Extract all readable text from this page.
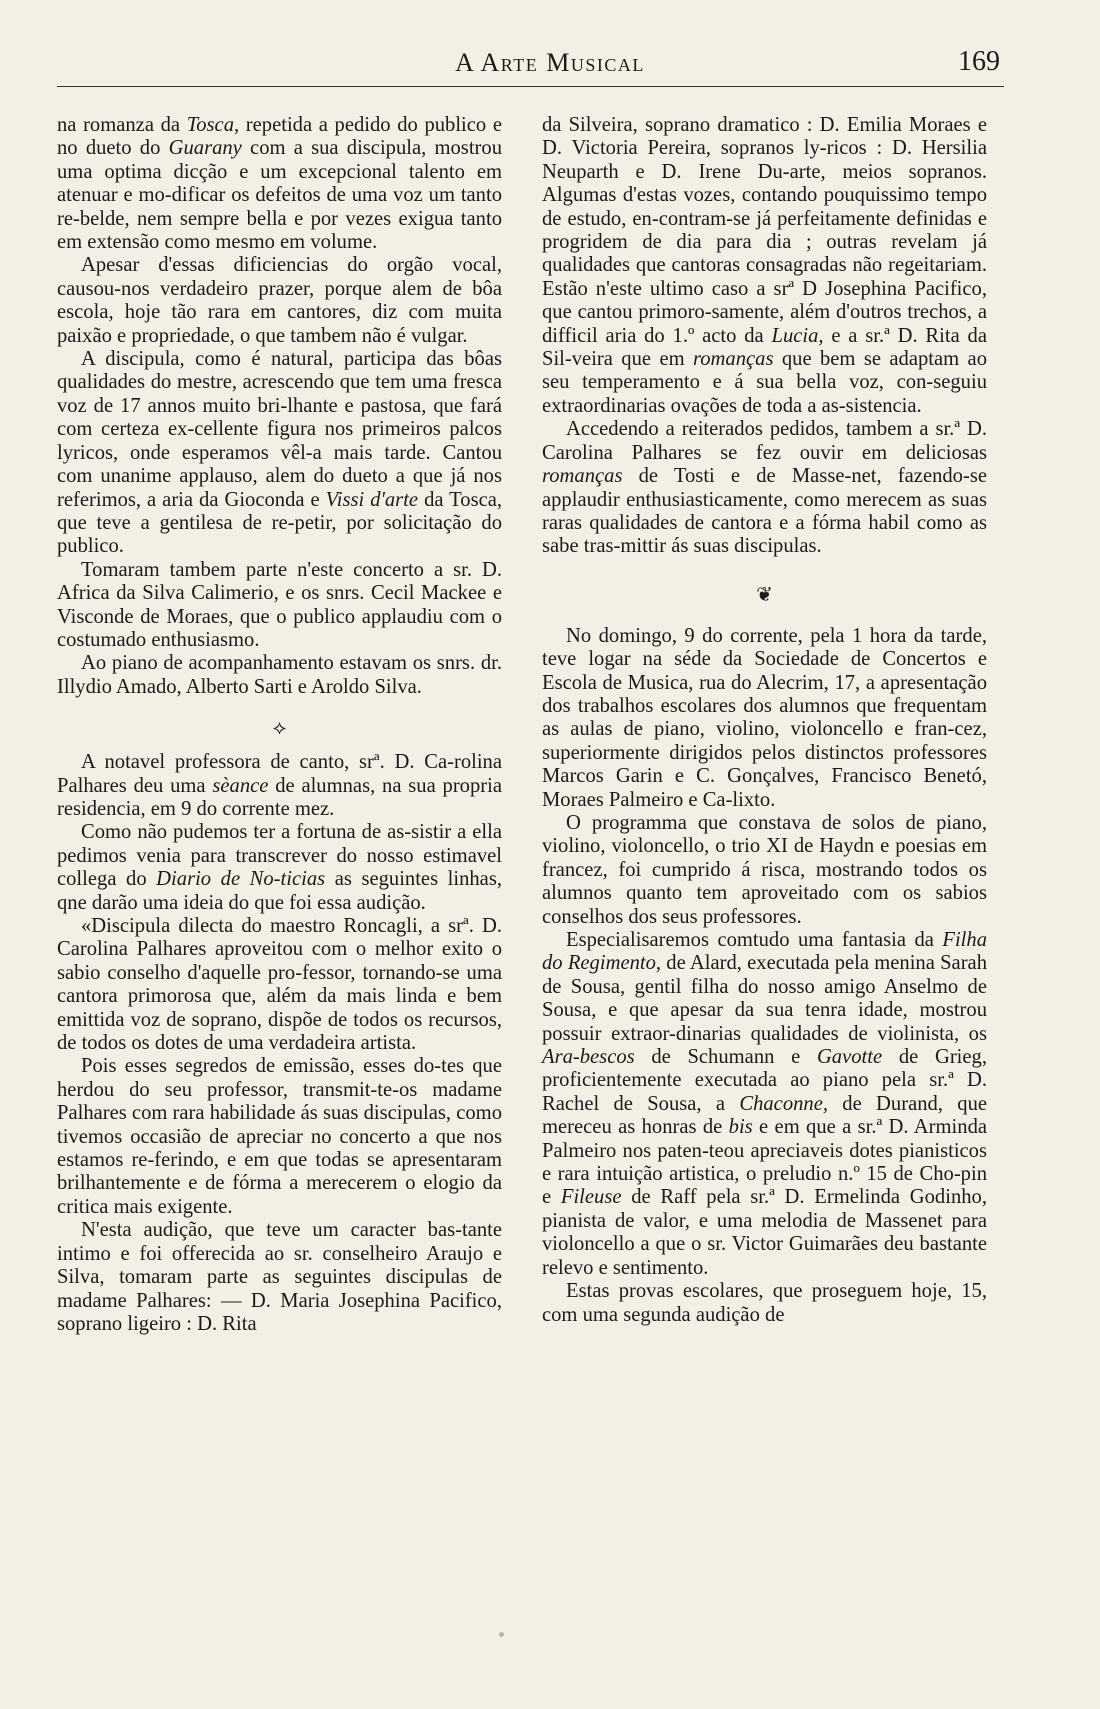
A Arte Musical	169

na romanza da Tosca, repetida a pedido do publico e no dueto do Guarany com a sua discipula, mostrou uma optima dicção e um excepcional talento em atenuar e mo-dificar os defeitos de uma voz um tanto re-belde, nem sempre bella e por vezes exigua tanto em extensão como mesmo em volume.

Apesar d'essas dificiencias do orgão vocal, causou-nos verdadeiro prazer, porque alem de bôa escola, hoje tão rara em cantores, diz com muita paixão e propriedade, o que tambem não é vulgar.

A discipula, como é natural, participa das bôas qualidades do mestre, acrescendo que tem uma fresca voz de 17 annos muito bri-lhante e pastosa, que fará com certeza ex-cellente figura nos primeiros palcos lyricos, onde esperamos vêl-a mais tarde. Cantou com unanime applauso, alem do dueto a que já nos referimos, a aria da Gioconda e Vissi d'arte da Tosca, que teve a gentilesa de re-petir, por solicitação do publico.

Tomaram tambem parte n'este concerto a sr. D. Africa da Silva Calimerio, e os snrs. Cecil Mackee e Visconde de Moraes, que o publico applaudiu com o costumado enthusiasmo.

Ao piano de acompanhamento estavam os snrs. dr. Illydio Amado, Alberto Sarti e Aroldo Silva.

⟡

A notavel professora de canto, srª. D. Ca-rolina Palhares deu uma sèance de alumnas, na sua propria residencia, em 9 do corrente mez.

Como não pudemos ter a fortuna de as-sistir a ella pedimos venia para transcrever do nosso estimavel collega do Diario de No-ticias as seguintes linhas, qne darão uma ideia do que foi essa audição.

«Discipula dilecta do maestro Roncagli, a srª. D. Carolina Palhares aproveitou com o melhor exito o sabio conselho d'aquelle pro-fessor, tornando-se uma cantora primorosa que, além da mais linda e bem emittida voz de soprano, dispõe de todos os recursos, de todos os dotes de uma verdadeira artista.

Pois esses segredos de emissão, esses do-tes que herdou do seu professor, transmit-te-os madame Palhares com rara habilidade ás suas discipulas, como tivemos occasião de apreciar no concerto a que nos estamos re-ferindo, e em que todas se apresentaram brilhantemente e de fórma a merecerem o elogio da critica mais exigente.

N'esta audição, que teve um caracter bas-tante intimo e foi offerecida ao sr. conselheiro Araujo e Silva, tomaram parte as seguintes discipulas de madame Palhares: — D. Maria Josephina Pacifico, soprano ligeiro : D. Rita

da Silveira, soprano dramatico : D. Emilia Moraes e D. Victoria Pereira, sopranos ly-ricos : D. Hersilia Neuparth e D. Irene Du-arte, meios sopranos. Algumas d'estas vozes, contando pouquissimo tempo de estudo, en-contram-se já perfeitamente definidas e progridem de dia para dia ; outras revelam já qualidades que cantoras consagradas não regeitariam. Estão n'este ultimo caso a srª D Josephina Pacifico, que cantou primoro-samente, além d'outros trechos, a difficil aria do 1.º acto da Lucia, e a sr.ª D. Rita da Sil-veira que em romanças que bem se adaptam ao seu temperamento e á sua bella voz, con-seguiu extraordinarias ovações de toda a as-sistencia.

Accedendo a reiterados pedidos, tambem a sr.ª D. Carolina Palhares se fez ouvir em deliciosas romanças de Tosti e de Masse-net, fazendo-se applaudir enthusiasticamente, como merecem as suas raras qualidades de cantora e a fórma habil como as sabe tras-mittir ás suas discipulas.

❦

No domingo, 9 do corrente, pela 1 hora da tarde, teve logar na séde da Sociedade de Concertos e Escola de Musica, rua do Alecrim, 17, a apresentação dos trabalhos escolares dos alumnos que frequentam as aulas de piano, violino, violoncello e fran-cez, superiormente dirigidos pelos distinctos professores Marcos Garin e C. Gonçalves, Francisco Benetó, Moraes Palmeiro e Ca-lixto.

O programma que constava de solos de piano, violino, violoncello, o trio XI de Haydn e poesias em francez, foi cumprido á risca, mostrando todos os alumnos quanto tem aproveitado com os sabios conselhos dos seus professores.

Especialisaremos comtudo uma fantasia da Filha do Regimento, de Alard, executada pela menina Sarah de Sousa, gentil filha do nosso amigo Anselmo de Sousa, e que apesar da sua tenra idade, mostrou possuir extraor-dinarias qualidades de violinista, os Ara-bescos de Schumann e Gavotte de Grieg, proficientemente executada ao piano pela sr.ª D. Rachel de Sousa, a Chaconne, de Durand, que mereceu as honras de bis e em que a sr.ª D. Arminda Palmeiro nos paten-teou apreciaveis dotes pianisticos e rara intuição artistica, o preludio n.º 15 de Cho-pin e Fileuse de Raff pela sr.ª D. Ermelinda Godinho, pianista de valor, e uma melodia de Massenet para violoncello a que o sr. Victor Guimarães deu bastante relevo e sentimento.

Estas provas escolares, que proseguem hoje, 15, com uma segunda audição de
